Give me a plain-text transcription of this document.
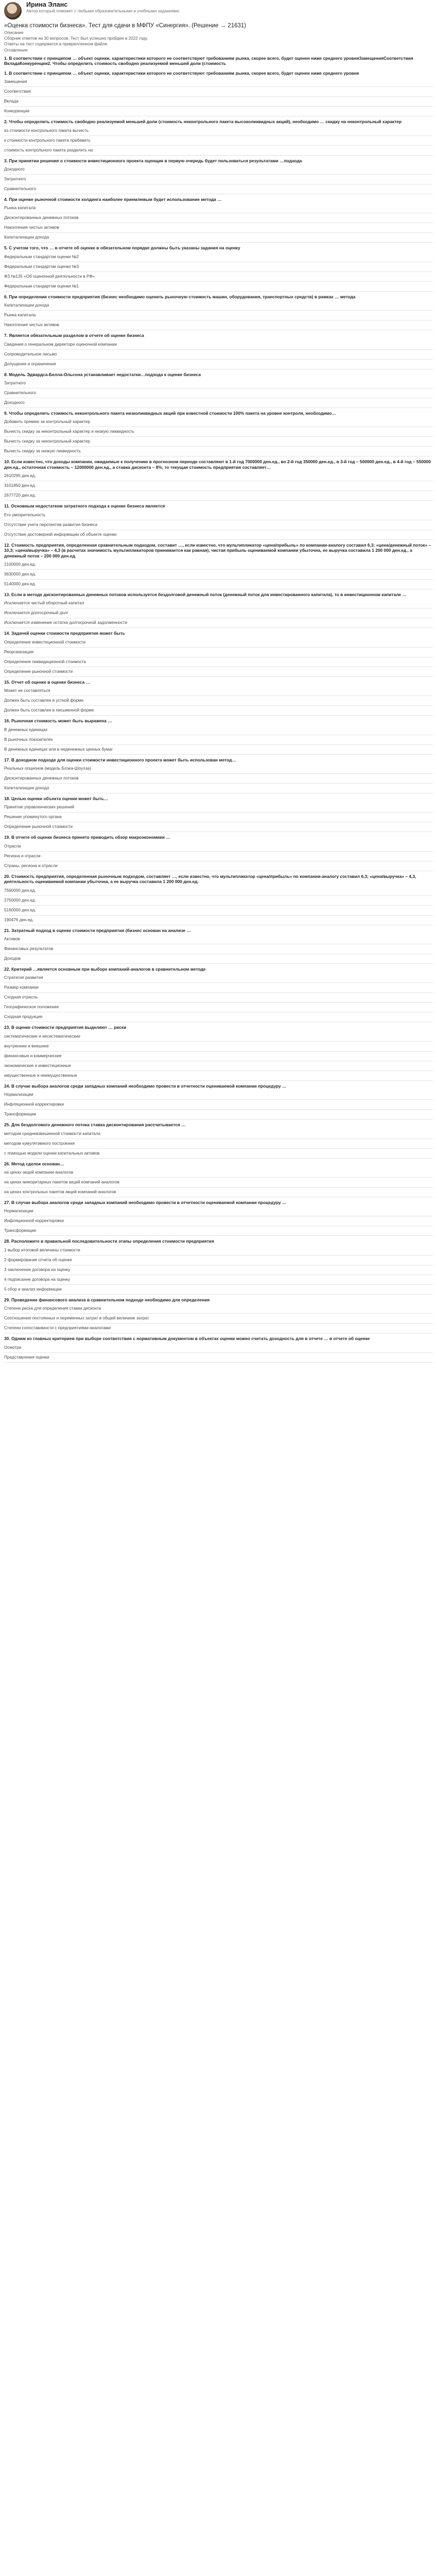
Ирина Эланс
Автор который поможет с любыми образовательными и учебными заданиями
«Оценка стоимости бизнеса». Тест для сдачи в МФПУ «Синергия». (Решение → 21631)
Описание
Сборник ответов на 30 вопросов. Тест был успешно пройден в 2022 году.
Ответы на тест содержатся в прикрепленном файле.
Оглавление
1. В соответствии с принципом … объект оценки, характеристики которого не соответствуют требованиям рынка, скорее всего, будет оценен ниже среднего уровняЗамещенияСоответствия ВкладаКонкуренции2. Чтобы определить стоимость свободно реализуемой меньшей доли (стоимость
1. В соответствии с принципом … объект оценки, характеристики которого не соответствуют требованиям рынка, скорее всего, будет оценен ниже среднего уровня
Замещения
Соответствия
Вклада
Конкуренции
2. Чтобы определить стоимость свободно реализуемой меньшей доли (стоимость неконтрольного пакета высоколиквидных акций), необходимо … скидку на неконтрольный характер
из стоимости контрольного пакета вычесть
к стоимости контрольного пакета прибавить
стоимость контрольного пакета разделить на
3. При принятии решения о стоимости инвестиционного проекта оценщик в первую очередь будет пользоваться результатами …подхода
Доходного
Затратного
Сравнительного
4. При оценке рыночной стоимости холдинга наиболее приемлемым будет использование метода …
Рынка капитала
Дисконтированных денежных потоков
Накопления чистых активов
Капитализации дохода
5. С учетом того, что … в отчете об оценке в обязательном порядке должны быть указаны задания на оценку
Федеральным стандартом оценки №2
Федеральным стандартом оценки №3
ФЗ №135 «Об оценочной деятельности в РФ»
Федеральным стандартом оценки №1
6. При определении стоимости предприятия (бизнес необходимо оценить рыночную стоимость машин, оборудования, транспортных средств) в рамках … метода
Капитализации дохода
Рынка капитала
Накопления чистых активов
7. Является обязательным разделом в отчете об оценке бизнеса
Сведения о генеральном директоре оценочной компании
Сопроводительное письмо
Допущения и ограничения
8. Модель Эдвардса-Белла-Ольсона устанавливает недостатки…подхода к оценке бизнеса
Затратного
Сравнительного
Доходного
9. Чтобы определить стоимость неконтрольного пакета низколиквидных акций при известной стоимости 100% пакета на уровне контроля, необходимо…
Добавить премию за контрольный характер
Вычесть скидку за неконтрольный характер и низкую ликвидность
Вычесть скидку за неконтрольный характер
Вычесть скидку за низкую ликвидность
10. Если известно, что доходы компании, ожидаемые к получению в прогнозном периоде составляют в 1-й год 7000000 ден.ед., во 2-й год 350000 ден.ед., в 3-й год – 500000 ден.ед., в 4-й год – 550000 ден.ед., остаточная стоимость – 12000000 ден.ед., а ставка дисконта – 8%, то текущая стоимость предприятия составляет…
2610295 ден.ед.
3101850 ден.ед.
2677720 ден.ед.
11. Основным недостатком затратного подхода к оценке бизнеса является
Его умозрительность
Отсутствие учета перспектив развития бизнеса
Отсутствие достоверной информации об объекте оценки
12. Стоимость предприятия, определенная сравнительным подходом, составит …, если известно, что мультипликатор «цена/прибыль» по компании-аналогу составил 6,3; «цена/денежный поток» – 10,3; «цена/выручка» – 4,3 (в расчетах значимость мультипликаторов принимается как равная), чистая прибыль оцениваемой компании убыточна, ее выручка составила 1 200 000 ден.ед., а денежный поток – 200 000 ден.ед.
2100000 ден.ед.
3630000 ден.ед.
5140000 ден.ед.
13. Если в методе дисконтированных денежных потоков используется бездолговой денежный поток (денежный поток для инвестированного капитала), то в инвестиционном капитале …
Исключается чистый оборотный капитал
Исключается долгосрочный долг
Исключается изменение остатка долгосрочной задолженности
14. Задачей оценки стоимости предприятия может быть
Определение инвестиционной стоимости
Реорганизация
Определение ликвидационной стоимости
Определение рыночной стоимости
15. Отчет об оценке в оценке бизнеса …
Может не составляться
Должен быть составлен в устной форме
Должен быть составлен в письменной форме
16. Рыночная стоимость может быть выражена …
В денежных единицах
В рыночных показателях
В денежных единицах или в неденежных ценных бумаг
17. В доходном подходе для оценки стоимости инвестиционного проекта может быть использован метод…
Реальных опционов (модель Блэка-Шоулза)
Дисконтированных денежных потоков
Капитализации дохода
18. Целью оценки объекта оценки может быть…
Принятие управленческих решений
Решение упомянутого органа
Определение рыночной стоимости
19. В отчете об оценке бизнеса принято приводить обзор макроэкономики …
Отрасли
Региона и отрасли
Страны, региона и отрасли
20. Стоимость предприятия, определенная рыночным подходом, составляет …, если известно, что мультипликатор «цена/прибыль» по компании-аналогу составил 6,3; «цена/выручка» – 4,3, деятельность оцениваемой компании убыточна, а ее выручка составила 1 200 000 ден.ед.
7560000 ден.ед.
2750000 ден.ед.
5160000 ден.ед.
190476 ден.ед.
21. Затратный подход в оценке стоимости предприятия (бизнес основан на анализе …
Активов
Финансовых результатов
Доходов
22. Критерий …является основным при выборе компаний-аналогов в сравнительном методе
Стратегия развития
Размер компании
Сходная отрасль
Географическое положение
Сходная продукция
23. В оценке стоимости предприятия выделяют … риски
систематические и несистематические
внутренние и внешние
финансовые и коммерческие
экономические и инвестиционные
имущественные и неимущественные
24. В случае выбора аналогов среди западных компаний необходимо провести в отчетности оцениваемой компании процедуру …
Нормализации
Инфляционной корректировки
Трансформации
25. Для бездолгового денежного потока ставка дисконтирования рассчитывается …
методом средневзвешенной стоимости капитала
методом кумулятивного построения
с помощью модели оценки капитальных активов
26. Метод сделок основан…
на ценах акций компании-аналогов
на ценах миноритарных пакетов акций компаний-аналогов
на ценах контрольных пакетов акций компаний-аналогов
27. В случае выбора аналогов среди западных компаний необходимо провести в отчетности оцениваемой компании процедуру …
Нормализации
Инфляционной корректировки
Трансформации
28. Расположите в правильной последовательности этапы определения стоимости предприятия
1 выбор итоговой величины стоимости
2 формирование отчета об оценке
3 заключение договора на оценку
4 подписание договора на оценку
5 сбор и анализ информации
29. Проведение финансового анализа в сравнительном подходе необходимо для определения
Степени риска для определения ставки дисконта
Соотношения постоянных и переменных затрат в общей величине затрат
Степени сопоставимости с предприятиями-аналогами
30. Одним из главных критериев при выборе соответствия с нормативным документом в объектах оценки можно считать доходность для в отчете … в отчете об оценке
Осмотра
Представления оценки
